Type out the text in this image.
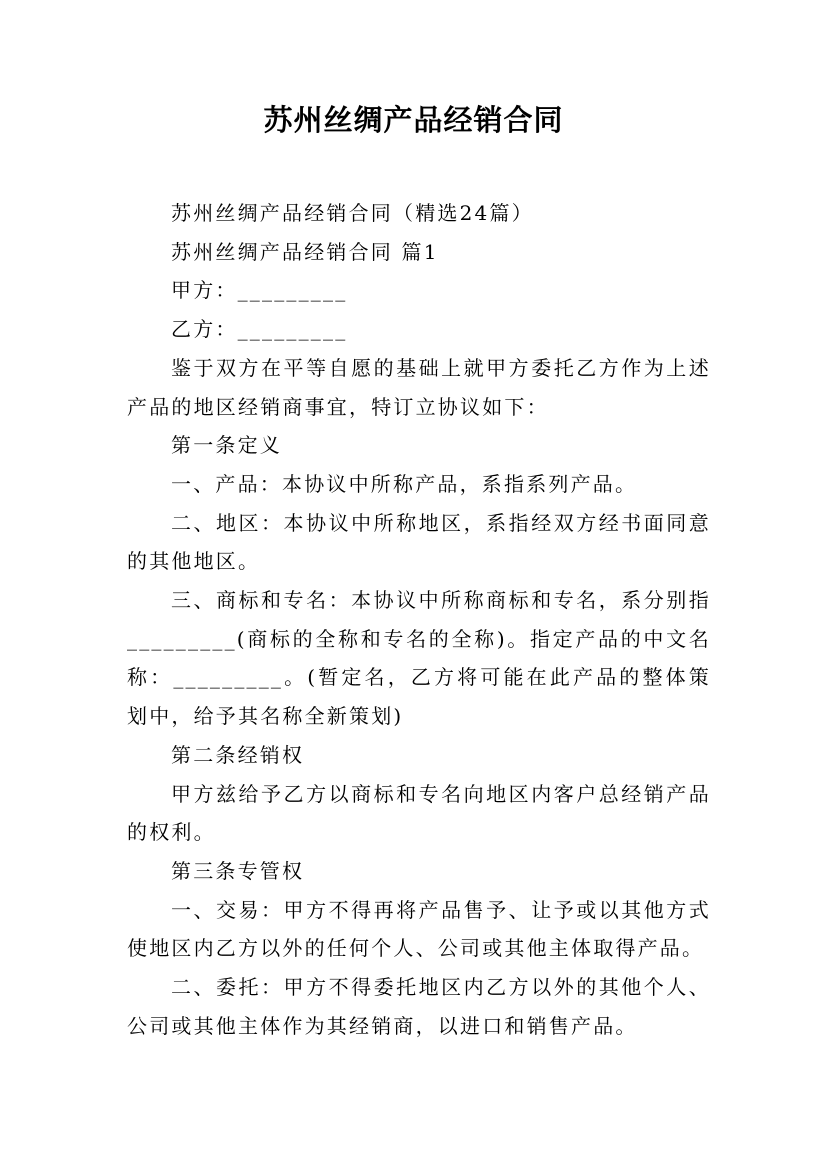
苏州丝绸产品经销合同

苏州丝绸产品经销合同（精选24篇）

苏州丝绸产品经销合同 篇1

甲方：_________

乙方：_________

鉴于双方在平等自愿的基础上就甲方委托乙方作为上述产品的地区经销商事宜，特订立协议如下：

第一条定义

一、产品：本协议中所称产品，系指系列产品。

二、地区：本协议中所称地区，系指经双方经书面同意的其他地区。

三、商标和专名：本协议中所称商标和专名，系分别指_________(商标的全称和专名的全称)。指定产品的中文名称：_________。(暂定名，乙方将可能在此产品的整体策划中，给予其名称全新策划)

第二条经销权

甲方兹给予乙方以商标和专名向地区内客户总经销产品的权利。

第三条专管权

一、交易：甲方不得再将产品售予、让予或以其他方式使地区内乙方以外的任何个人、公司或其他主体取得产品。

二、委托：甲方不得委托地区内乙方以外的其他个人、公司或其他主体作为其经销商，以进口和销售产品。
